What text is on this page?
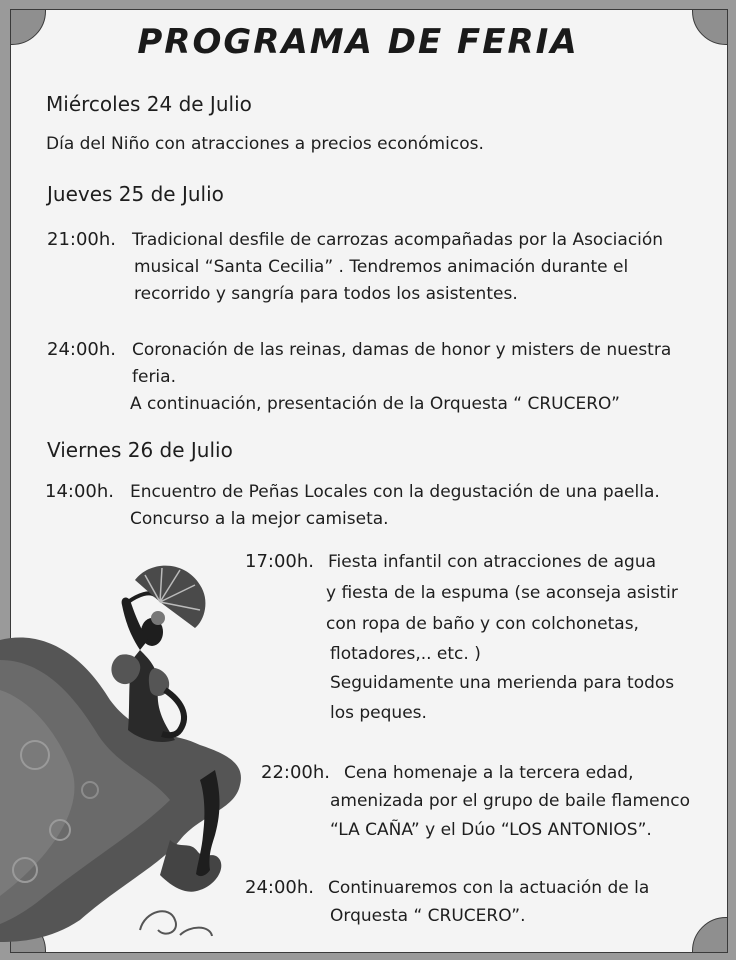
PROGRAMA DE FERIA
Miércoles 24 de Julio
Día del Niño con atracciones a precios económicos.
Jueves 25 de Julio
21:00h. Tradicional desfile de carrozas acompañadas por la Asociación
musical “Santa Cecilia” . Tendremos animación durante el
recorrido y sangría para todos los asistentes.
24:00h. Coronación de las reinas, damas de honor y misters de nuestra
feria.
A continuación, presentación de la Orquesta “ CRUCERO”
Viernes 26 de Julio
14:00h. Encuentro de Peñas Locales con la degustación de una paella.
Concurso a la mejor camiseta.
17:00h. Fiesta infantil con atracciones de agua
y fiesta de la espuma (se aconseja asistir
con ropa de baño y con colchonetas,
flotadores,.. etc. )
Seguidamente una merienda para todos
los peques.
22:00h. Cena homenaje a la tercera edad,
amenizada por el grupo de baile flamenco
“LA CAÑA” y el Dúo “LOS ANTONIOS”.
24:00h. Continuaremos con la actuación de la
Orquesta “ CRUCERO”.
